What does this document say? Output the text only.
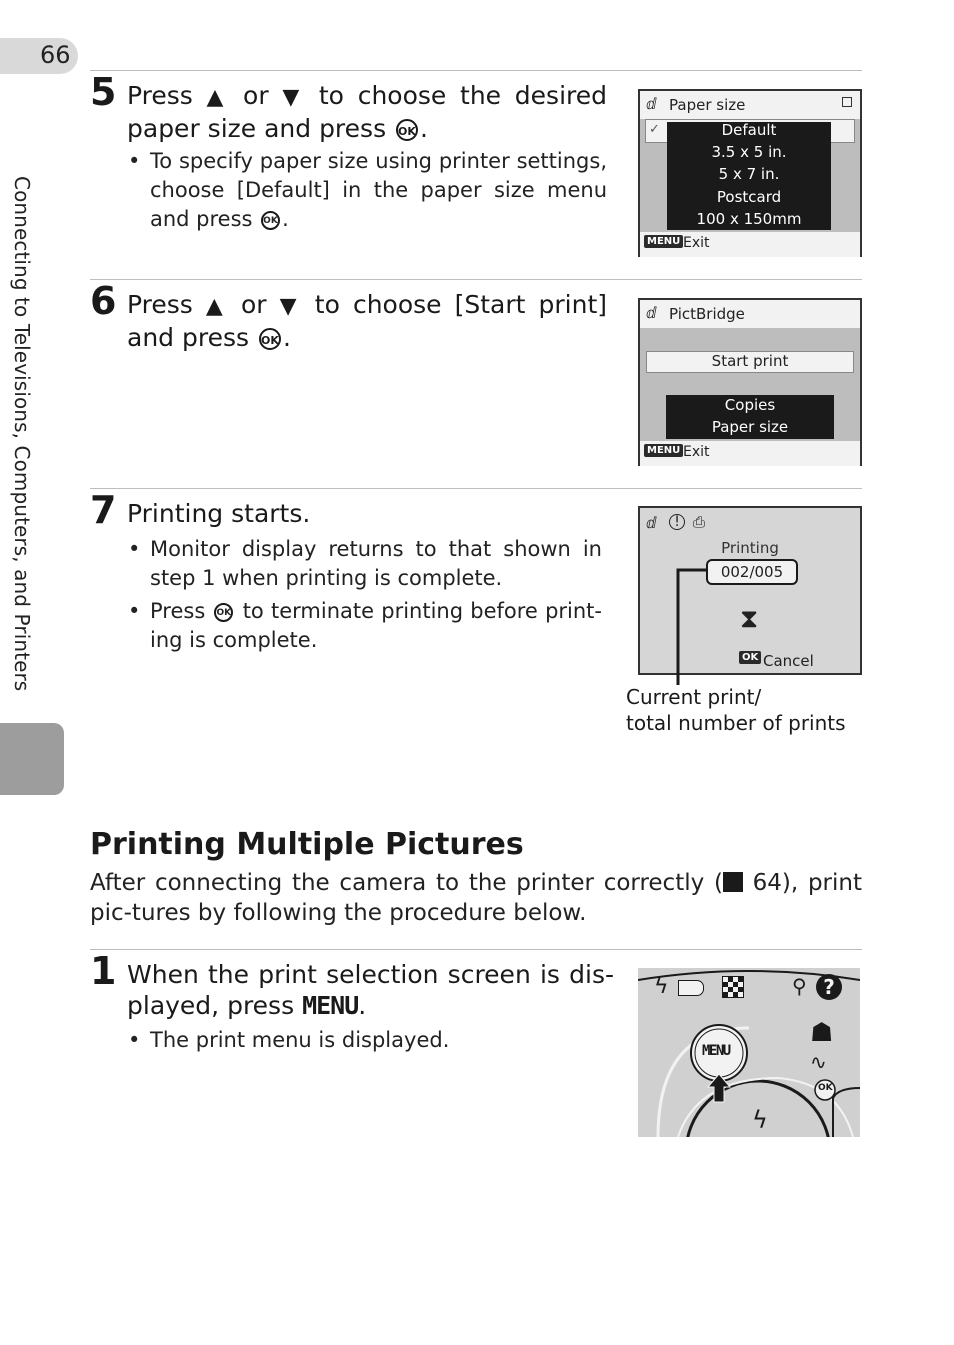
66
Connecting to Televisions, Computers, and Printers
5 Press ▲ or ▼ to choose the desired paper size and press OK .
• To specify paper size using printer settings, choose [Default] in the paper size menu and press OK .
ⅆ Paper size
✓	Default
3.5 x 5 in.
5 x 7 in.
Postcard
100 x 150mm
MENU Exit
6 Press ▲ or ▼ to choose [Start print] and press OK .
ⅆ PictBridge
Start print
Copies
Paper size
MENU Exit
7 Printing starts.
• Monitor display returns to that shown in step 1 when printing is complete.
• Press OK to terminate printing before print-ing is complete.
ⅆ	! ⎙
Printing
002/005
⧗
OK Cancel
Current print/
total number of prints
Printing Multiple Pictures
After connecting the camera to the printer correctly ( 64), print pic-tures by following the procedure below.
1 When the print selection screen is dis-played, press MENU.
• The print menu is displayed.	MENU
OK
ϟ	⚲ ?
☗
∿
ϟ
